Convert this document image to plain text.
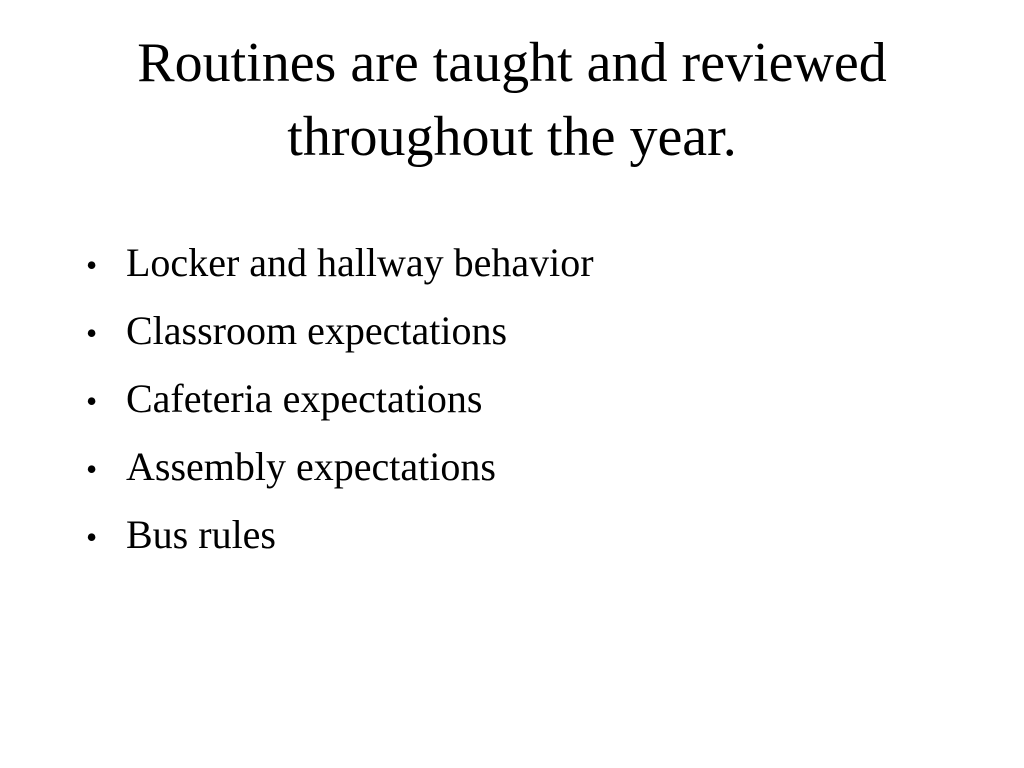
Routines are taught and reviewed throughout the year.
• Locker and hallway behavior
• Classroom expectations
• Cafeteria expectations
• Assembly expectations
• Bus rules
